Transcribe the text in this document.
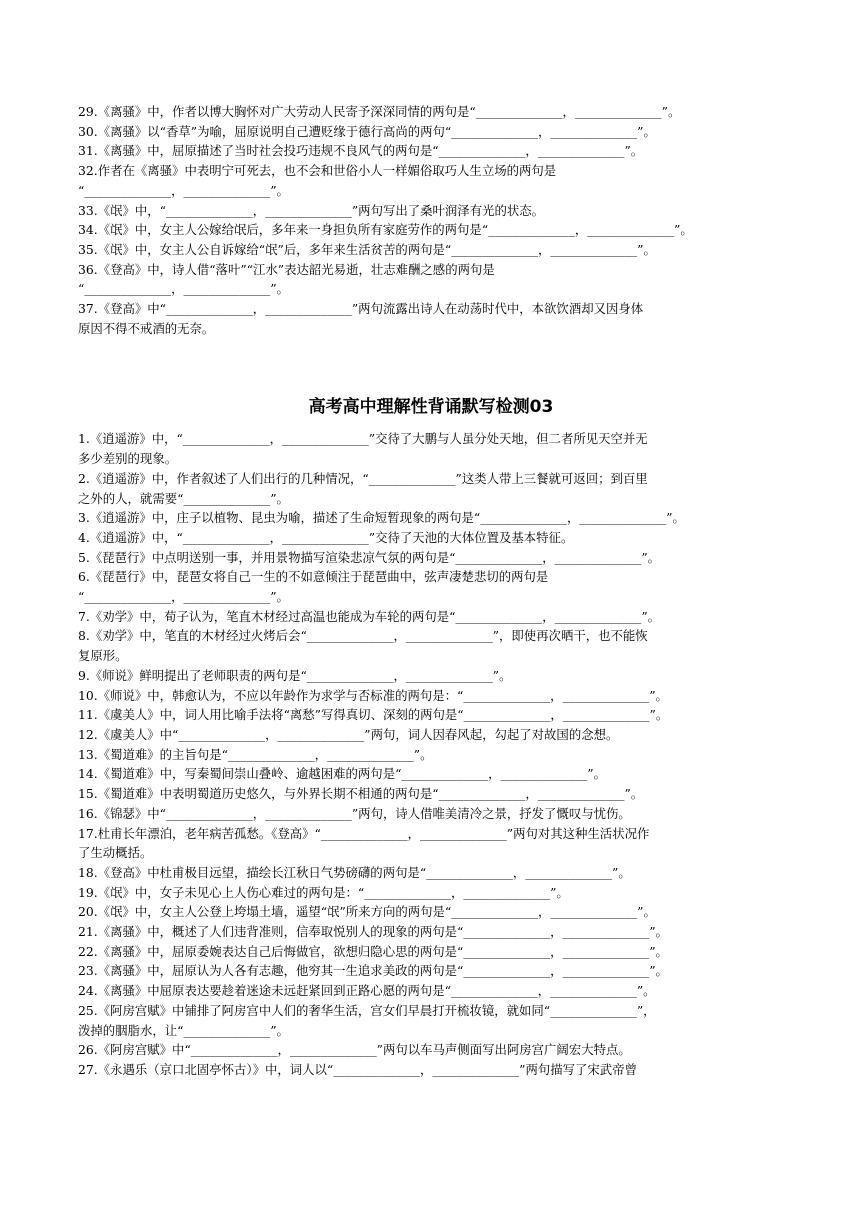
29.《离骚》中，作者以博大胸怀对广大劳动人民寄予深深同情的两句是“______________，______________”。
30.《离骚》以“香草”为喻，屈原说明自己遭贬缘于德行高尚的两句“______________，______________”。
31.《离骚》中，屈原描述了当时社会投巧违规不良风气的两句是“______________，______________”。
32.作者在《离骚》中表明宁可死去，也不会和世俗小人一样媚俗取巧人生立场的两句是
“______________，______________”。
33.《氓》中，“______________，______________”两句写出了桑叶润泽有光的状态。
34.《氓》中，女主人公嫁给氓后，多年来一身担负所有家庭劳作的两句是“______________，______________”。
35.《氓》中，女主人公自诉嫁给“氓”后，多年来生活贫苦的两句是“______________，______________”。
36.《登高》中，诗人借“落叶”“江水”表达韶光易逝，壮志难酬之感的两句是
“______________，______________”。
37.《登高》中“______________，______________”两句流露出诗人在动荡时代中，本欲饮酒却又因身体
原因不得不戒酒的无奈。
高考高中理解性背诵默写检测03
1.《逍遥游》中，“______________，______________”交待了大鹏与人虽分处天地，但二者所见天空并无
多少差别的现象。
2.《逍遥游》中，作者叙述了人们出行的几种情况，“______________”这类人带上三餐就可返回；到百里
之外的人，就需要“______________”。
3.《逍遥游》中，庄子以植物、昆虫为喻，描述了生命短暂现象的两句是“______________，______________”。
4.《逍遥游》中，“______________，______________”交待了天池的大体位置及基本特征。
5.《琵琶行》中点明送别一事，并用景物描写渲染悲凉气氛的两句是“______________，______________”。
6.《琵琶行》中，琵琶女将自己一生的不如意倾注于琵琶曲中，弦声凄楚悲切的两句是
“______________，______________”。
7.《劝学》中，荀子认为，笔直木材经过高温也能成为车轮的两句是“______________，______________”。
8.《劝学》中，笔直的木材经过火烤后会“______________，______________”，即使再次晒干，也不能恢
复原形。
9.《师说》鲜明提出了老师职责的两句是“______________，______________”。
10.《师说》中，韩愈认为，不应以年龄作为求学与否标准的两句是：“______________，______________”。
11.《虞美人》中，词人用比喻手法将“离愁”写得真切、深刻的两句是“______________，______________”。
12.《虞美人》中“______________，______________”两句，词人因春风起，勾起了对故国的念想。
13.《蜀道难》的主旨句是“______________，______________”。
14.《蜀道难》中，写秦蜀间崇山叠岭、逾越困难的两句是“______________，______________”。
15.《蜀道难》中表明蜀道历史悠久，与外界长期不相通的两句是“______________，______________”。
16.《锦瑟》中“______________，______________”两句，诗人借唯美清冷之景，抒发了慨叹与忧伤。
17.杜甫长年漂泊，老年病苦孤愁。《登高》“______________，______________”两句对其这种生活状况作
了生动概括。
18.《登高》中杜甫极目远望，描绘长江秋日气势磅礴的两句是“______________，______________”。
19.《氓》中，女子未见心上人伤心难过的两句是：“______________，______________”。
20.《氓》中，女主人公登上垮塌土墙，遥望“氓”所来方向的两句是“______________，______________”。
21.《离骚》中，概述了人们违背准则，信奉取悦别人的现象的两句是“______________，______________”。
22.《离骚》中，屈原委婉表达自己后悔做官，欲想归隐心思的两句是“______________，______________”。
23.《离骚》中，屈原认为人各有志趣，他穷其一生追求美政的两句是“______________，______________”。
24.《离骚》中屈原表达要趁着迷途未远赶紧回到正路心愿的两句是“______________，______________”。
25.《阿房宫赋》中铺排了阿房宫中人们的奢华生活，宫女们早晨打开梳妆镜，就如同“______________”，
泼掉的胭脂水，让“______________”。
26.《阿房宫赋》中“______________，______________”两句以车马声侧面写出阿房宫广阔宏大特点。
27.《永遇乐（京口北固亭怀古）》中，词人以“______________，______________”两句描写了宋武帝曾
